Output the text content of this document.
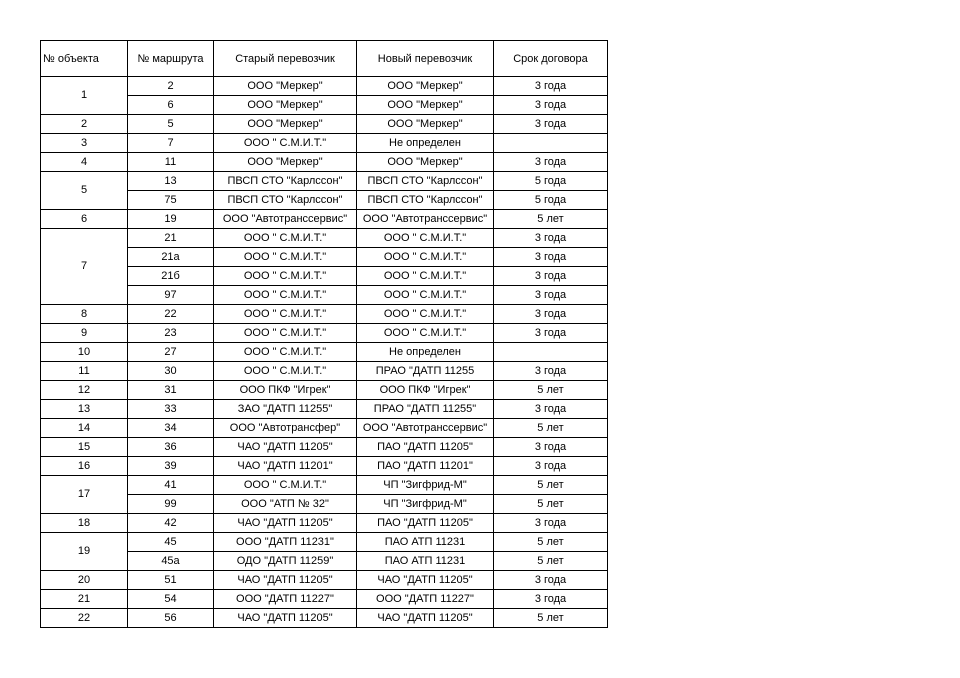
№ объекта	№ маршрута	Старый перевозчик	Новый перевозчик	Срок договора
1	2	ООО "Меркер"	ООО "Меркер"	3 года
	6	ООО "Меркер"	ООО "Меркер"	3 года
2	5	ООО "Меркер"	ООО "Меркер"	3 года
3	7	ООО " С.М.И.Т."	Не определен	
4	11	ООО "Меркер"	ООО "Меркер"	3 года
5	13	ПВСП СТО "Карлссон"	ПВСП СТО "Карлссон"	5 года
	75	ПВСП СТО "Карлссон"	ПВСП СТО "Карлссон"	5 года
6	19	ООО "Автотранссервис"	ООО "Автотранссервис"	5 лет
7	21	ООО " С.М.И.Т."	ООО " С.М.И.Т."	3 года
	21а	ООО " С.М.И.Т."	ООО " С.М.И.Т."	3 года
	21б	ООО " С.М.И.Т."	ООО " С.М.И.Т."	3 года
	97	ООО " С.М.И.Т."	ООО " С.М.И.Т."	3 года
8	22	ООО " С.М.И.Т."	ООО " С.М.И.Т."	3 года
9	23	ООО " С.М.И.Т."	ООО " С.М.И.Т."	3 года
10	27	ООО " С.М.И.Т."	Не определен	
11	30	ООО " С.М.И.Т."	ПРАО "ДАТП 11255	3 года
12	31	ООО ПКФ "Игрек"	ООО ПКФ "Игрек"	5 лет
13	33	ЗАО "ДАТП 11255"	ПРАО "ДАТП 11255"	3 года
14	34	ООО "Автотрансфер"	ООО "Автотранссервис"	5 лет
15	36	ЧАО "ДАТП 11205"	ПАО "ДАТП 11205"	3 года
16	39	ЧАО "ДАТП 11201"	ПАО "ДАТП 11201"	3 года
17	41	ООО " С.М.И.Т."	ЧП "Зигфрид-М"	5 лет
	99	ООО "АТП № 32"	ЧП "Зигфрид-М"	5 лет
18	42	ЧАО "ДАТП 11205"	ПАО "ДАТП 11205"	3 года
19	45	ООО "ДАТП 11231"	ПАО АТП 11231	5 лет
	45а	ОДО "ДАТП 11259"	ПАО АТП 11231	5 лет
20	51	ЧАО "ДАТП 11205"	ЧАО "ДАТП 11205"	3 года
21	54	ООО "ДАТП 11227"	ООО "ДАТП 11227"	3 года
22	56	ЧАО "ДАТП 11205"	ЧАО "ДАТП 11205"	5 лет
